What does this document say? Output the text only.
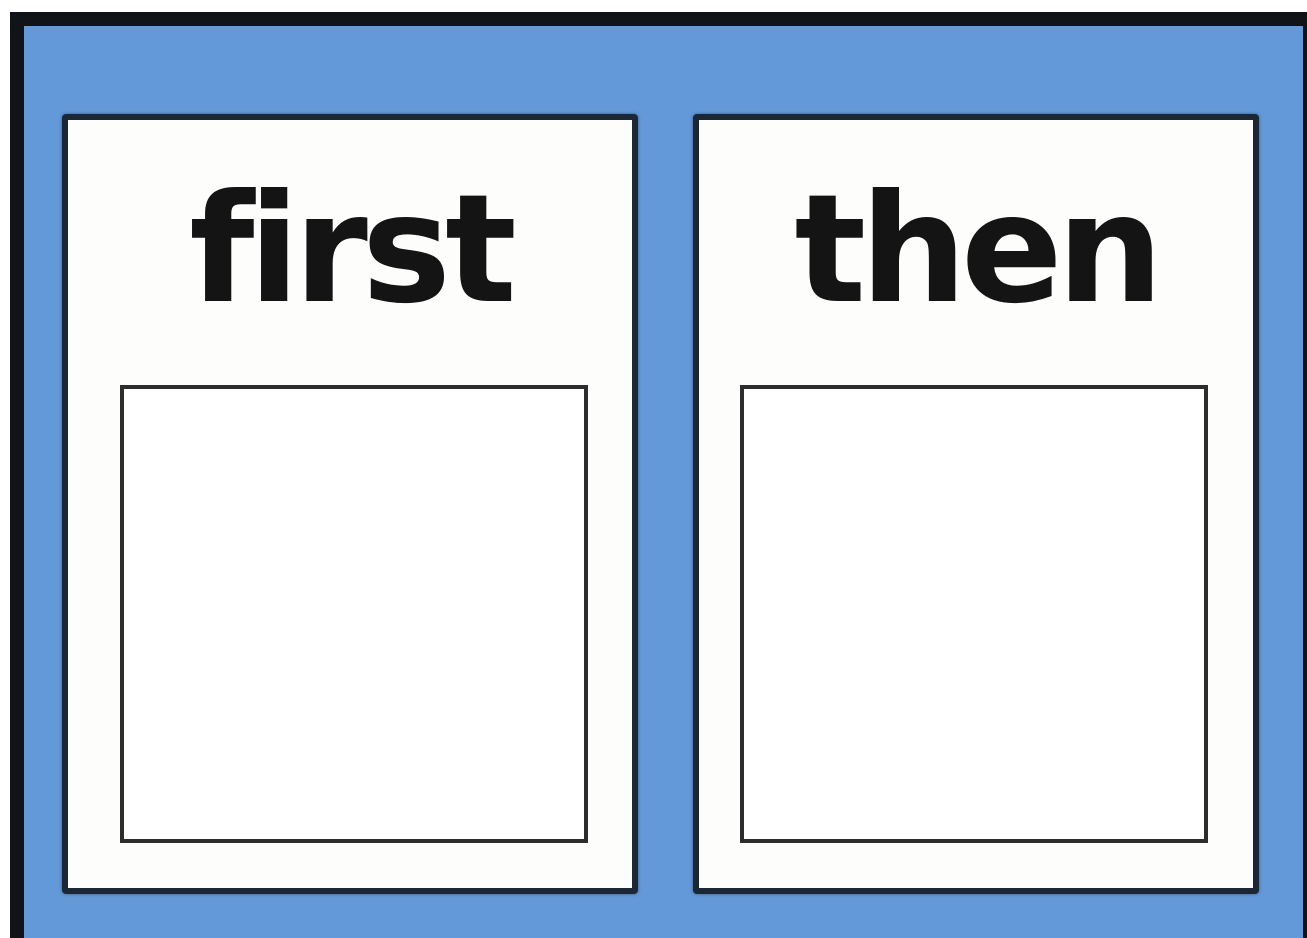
first	then
